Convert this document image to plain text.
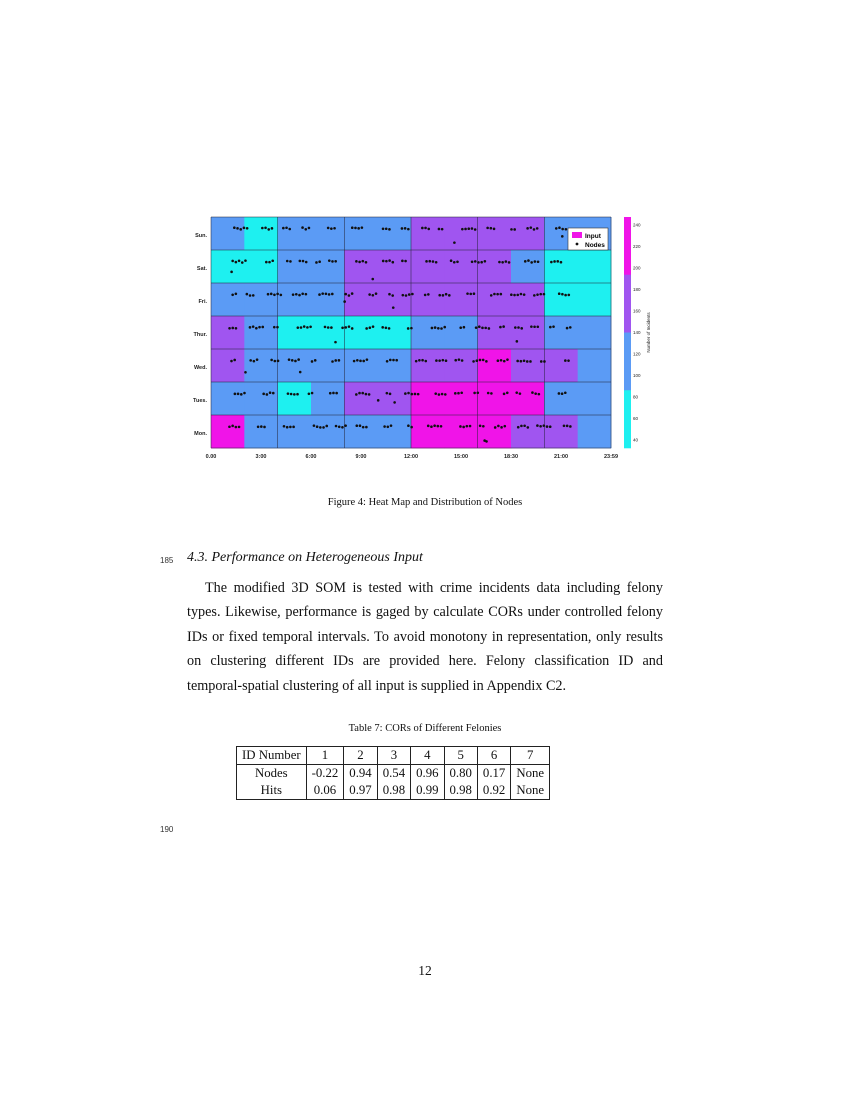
Sun.
Sat.
Fri.
Thur.
Wed.
Tues.
Mon.
0.00	3:00	6:00	9:00	12:00	15:00	18:30	21:00	23:59
240
220
200
180
160
140
120
100
80
60
40
Number of Incidents
Input
Nodes
Figure 4: Heat Map and Distribution of Nodes
185 4.3. Performance on Heterogeneous Input

The modified 3D SOM is tested with crime incidents data including felony types. Likewise, performance is gaged by calculate CORs under controlled felony IDs or fixed temporal intervals. To avoid monotony in representation, only results on clustering different IDs are provided here. Felony classification ID and temporal-spatial clustering of all input is supplied in Appendix C2.

Table 7: CORs of Different Felonies
ID Number	1	2	3	4	5	6	7
Nodes	-0.22	0.94	0.54	0.96	0.80	0.17	None
Hits	0.06	0.97	0.98	0.99	0.98	0.92	None
190
12
